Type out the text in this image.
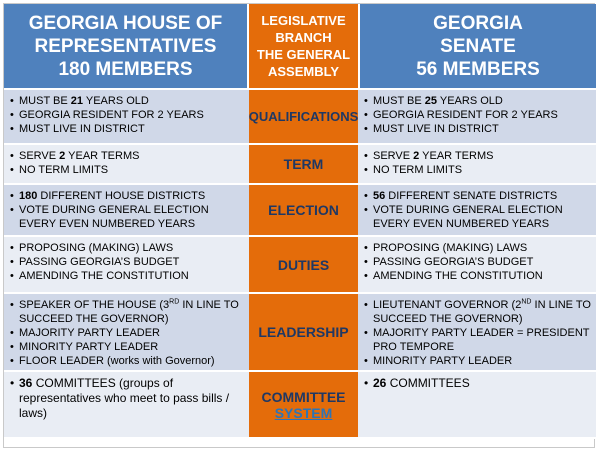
GEORGIA HOUSE OF
REPRESENTATIVES
180 MEMBERS
LEGISLATIVE
BRANCH
THE GENERAL
ASSEMBLY
GEORGIA
SENATE
56 MEMBERS
• MUST BE 21 YEARS OLD
• GEORGIA RESIDENT FOR 2 YEARS
• MUST LIVE IN DISTRICT
QUALIFICATIONS
• MUST BE 25 YEARS OLD
• GEORGIA RESIDENT FOR 2 YEARS
• MUST LIVE IN DISTRICT
• SERVE 2 YEAR TERMS
• NO TERM LIMITS	TERM
•	SERVE 2 YEAR TERMS
• NO TERM LIMITS
• 180 DIFFERENT HOUSE DISTRICTS
• VOTE DURING GENERAL ELECTION EVERY EVEN NUMBERED YEARS
ELECTION
• 56 DIFFERENT SENATE DISTRICTS
• VOTE DURING GENERAL ELECTION EVERY EVEN NUMBERED YEARS
• PROPOSING (MAKING) LAWS
• PASSING GEORGIA’S BUDGET
• AMENDING THE CONSTITUTION
DUTIES
• PROPOSING (MAKING) LAWS
• PASSING GEORGIA’S BUDGET
• AMENDING THE CONSTITUTION
• SPEAKER OF THE HOUSE (3RD IN LINE TO SUCCEED THE GOVERNOR)
• MAJORITY PARTY LEADER
• MINORITY PARTY LEADER
• FLOOR LEADER (works with Governor)
LEADERSHIP
• LIEUTENANT GOVERNOR (2ND IN LINE TO SUCCEED THE GOVERNOR)
• MAJORITY PARTY LEADER = PRESIDENT PRO TEMPORE
• MINORITY PARTY LEADER
• 36 COMMITTEES (groups of representatives who meet to pass bills / laws)
COMMITTEE
SYSTEM
• 26 COMMITTEES
